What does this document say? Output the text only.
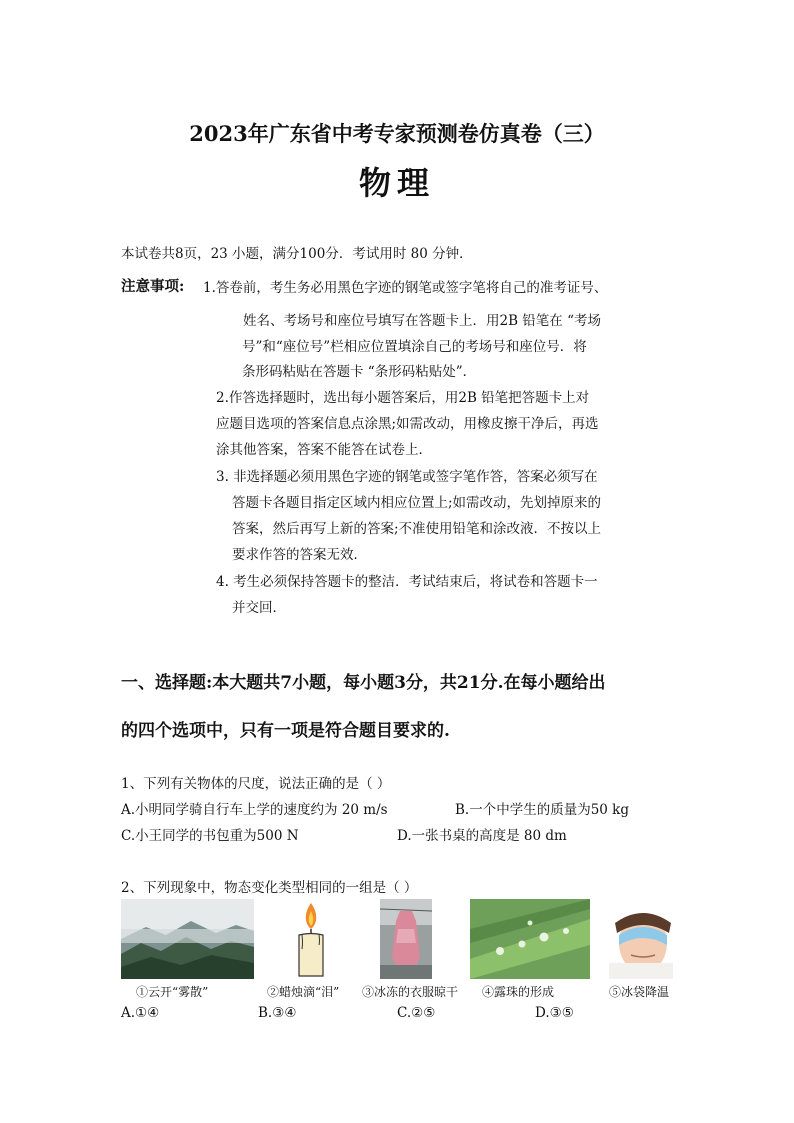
2023年广东省中考专家预测卷仿真卷（三）
物理
本试卷共8页，23 小题，满分100分．考试用时 80 分钟．
注意事项: 1.答卷前，考生务必用黑色字迹的钢笔或签字笔将自己的准考证号、
姓名、考场号和座位号填写在答题卡上．用2B 铅笔在 “考场
号”和“座位号”栏相应位置填涂自己的考场号和座位号．将
条形码粘贴在答题卡 “条形码粘贴处”．
2.作答选择题时，选出每小题答案后，用2B 铅笔把答题卡上对
应题目选项的答案信息点涂黑;如需改动，用橡皮擦干净后，再选
涂其他答案，答案不能答在试卷上．
3. 非选择题必须用黑色字迹的钢笔或签字笔作答，答案必须写在
答题卡各题目指定区域内相应位置上;如需改动，先划掉原来的
答案，然后再写上新的答案;不准使用铅笔和涂改液．不按以上
要求作答的答案无效．
4. 考生必须保持答题卡的整洁．考试结束后，将试卷和答题卡一
并交回．
一、选择题:本大题共7小题，每小题3分，共21分.在每小题给出
的四个选项中，只有一项是符合题目要求的.
1、下列有关物体的尺度，说法正确的是（ ）
A.小明同学骑自行车上学的速度约为 20 m/s	B.一个中学生的质量为50 kg
C.小王同学的书包重为500 N	D.一张书桌的高度是 80 dm
2、下列现象中，物态变化类型相同的一组是（ ）
①云开“雾散”	②蜡烛滴“泪” ③冰冻的衣服晾干 ④露珠的形成	⑤冰袋降温
A.①④	B.③④	C.②⑤	D.③⑤
